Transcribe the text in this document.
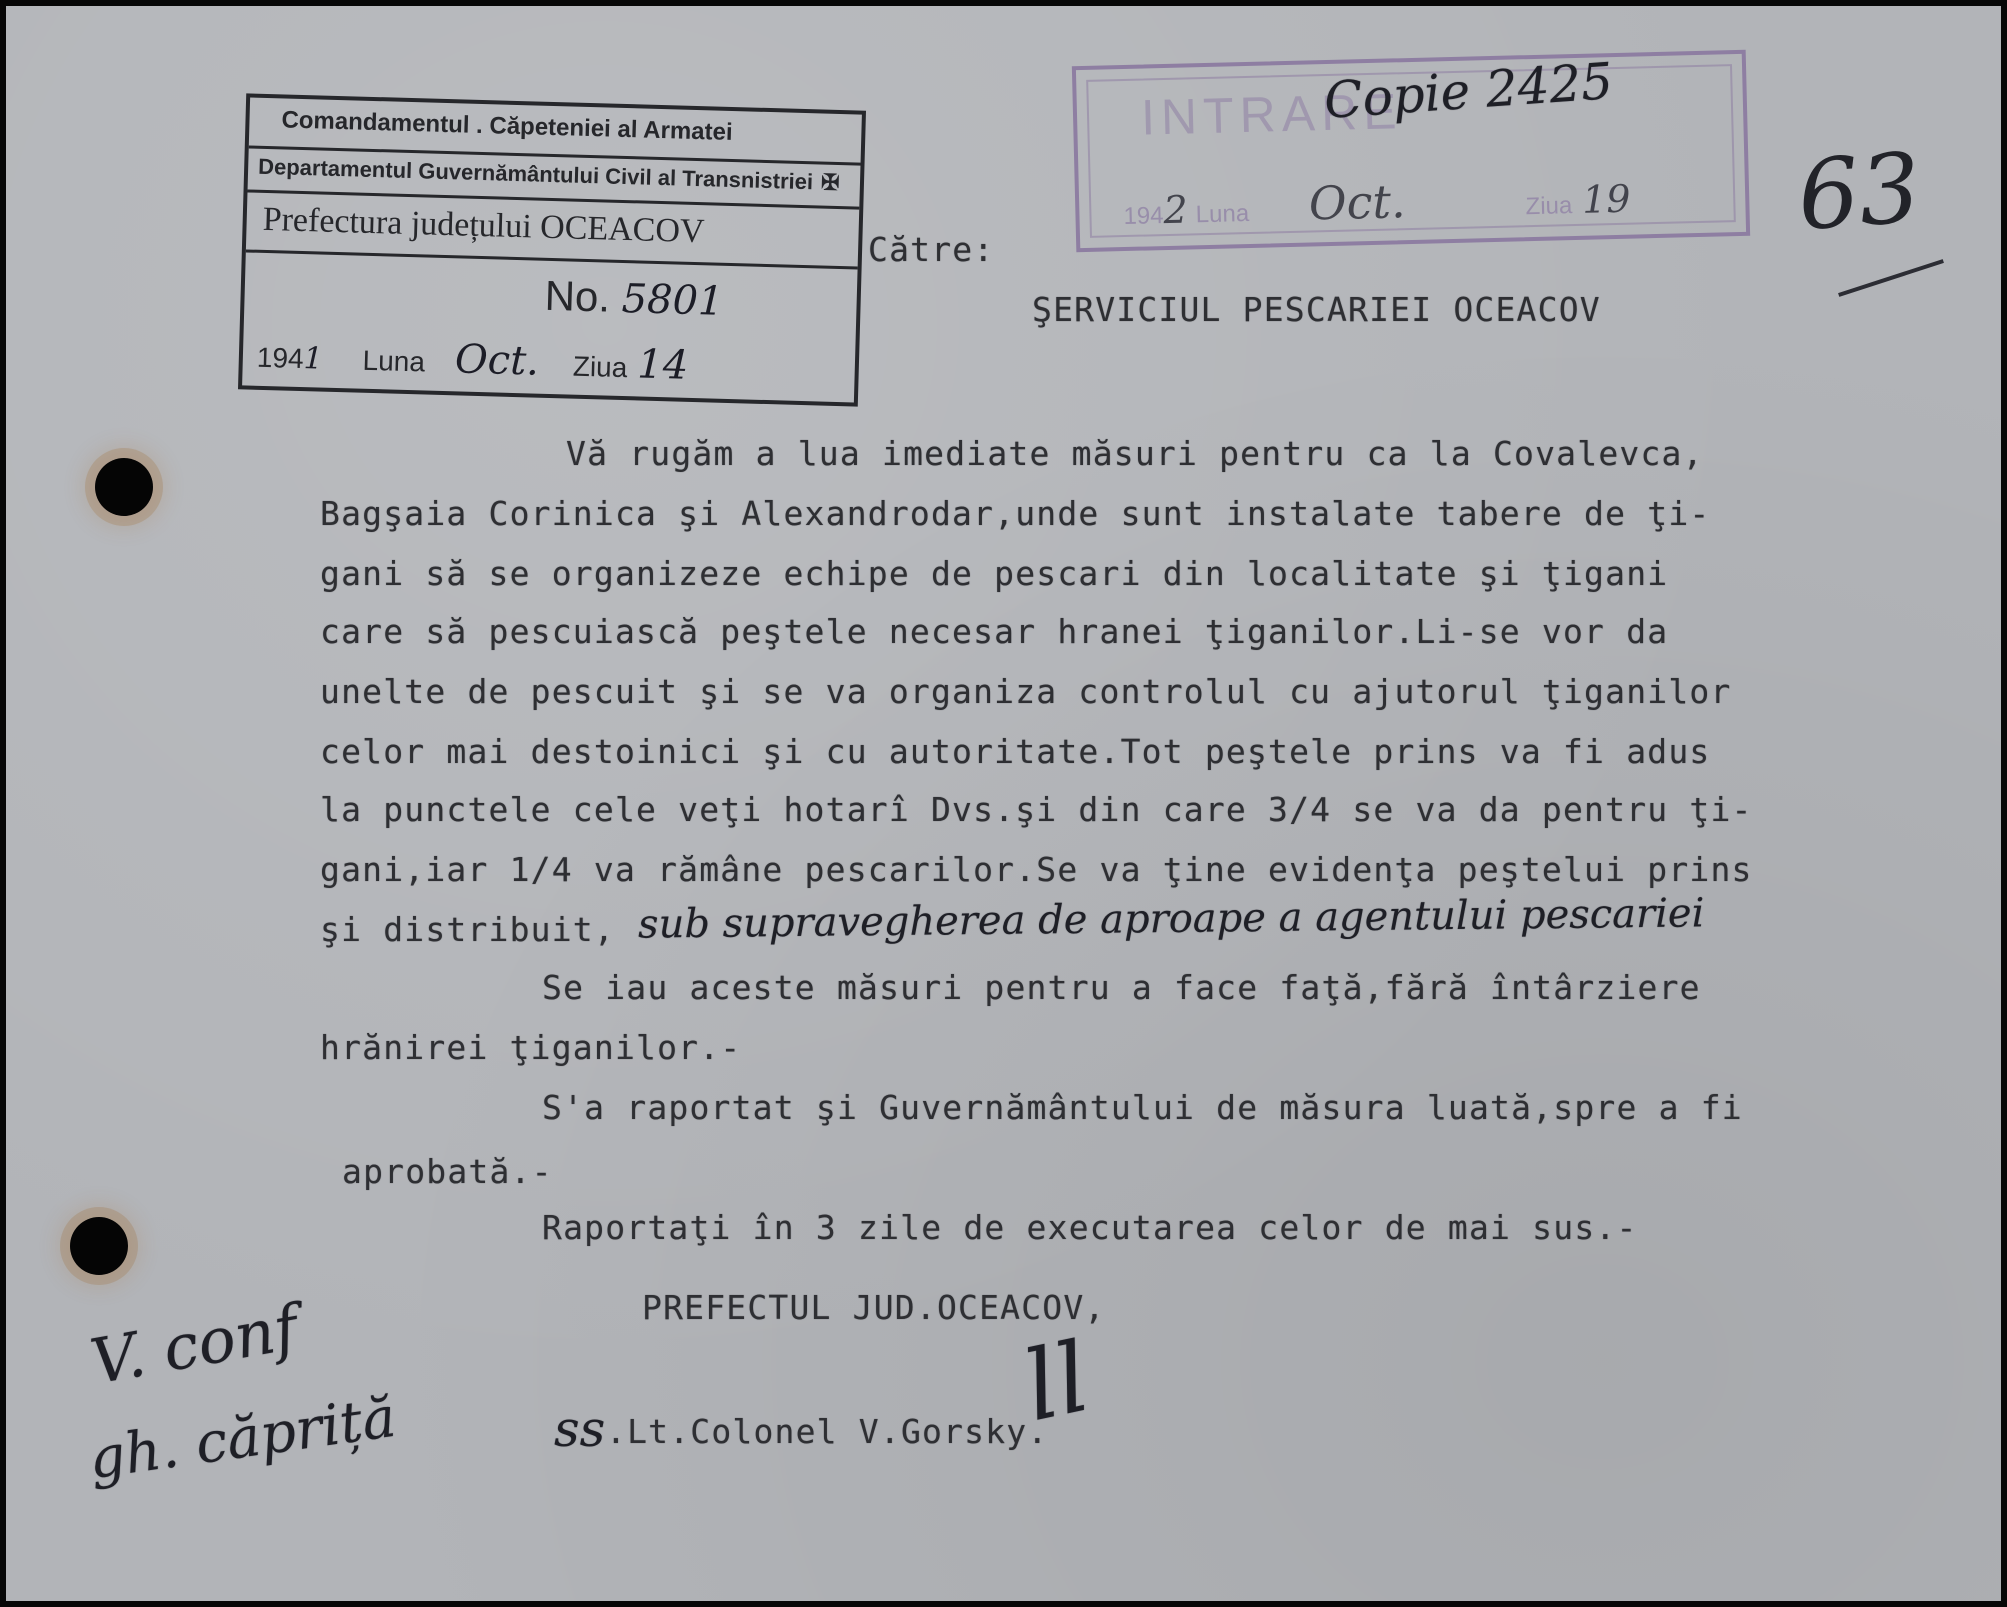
Comandamentul . Căpeteniei al Armatei
Departamentul Guvernământului Civil al Transnistriei ✠
Prefectura județului OCEACOV
No. 5801
1941 Luna Oct. Ziua 14
INTRARE
1942 Luna Oct.	Ziua 19
Copie 2425
63
Către:
ŞERVICIUL PESCARIEI OCEACOV
Vă rugăm a lua imediate măsuri pentru ca la Covalevca,
Bagşaia Corinica şi Alexandrodar,unde sunt instalate tabere de ţi-
gani să se organizeze echipe de pescari din localitate şi ţigani
care să pescuiască peştele necesar hranei ţiganilor.Li-se vor da
unelte de pescuit şi se va organiza controlul cu ajutorul ţiganilor
celor mai destoinici şi cu autoritate.Tot peştele prins va fi adus
la punctele cele veţi hotarî Dvs.şi din care 3/4 se va da pentru ţi-
gani,iar 1/4 va rămâne pescarilor.Se va ţine evidenţa peştelui prins
şi distribuit, sub supravegherea de aproape a agentului pescariei
Se iau aceste măsuri pentru a face faţă,fără întârziere
hrănirei ţiganilor.-
S'a raportat şi Guvernământului de măsura luată,spre a fi
aprobată.-
Raportaţi în 3 zile de executarea celor de mai sus.-
PREFECTUL JUD.OCEACOV,
ss .Lt.Colonel V.Gorsky.
ll
V. conf
gh. căpriță
